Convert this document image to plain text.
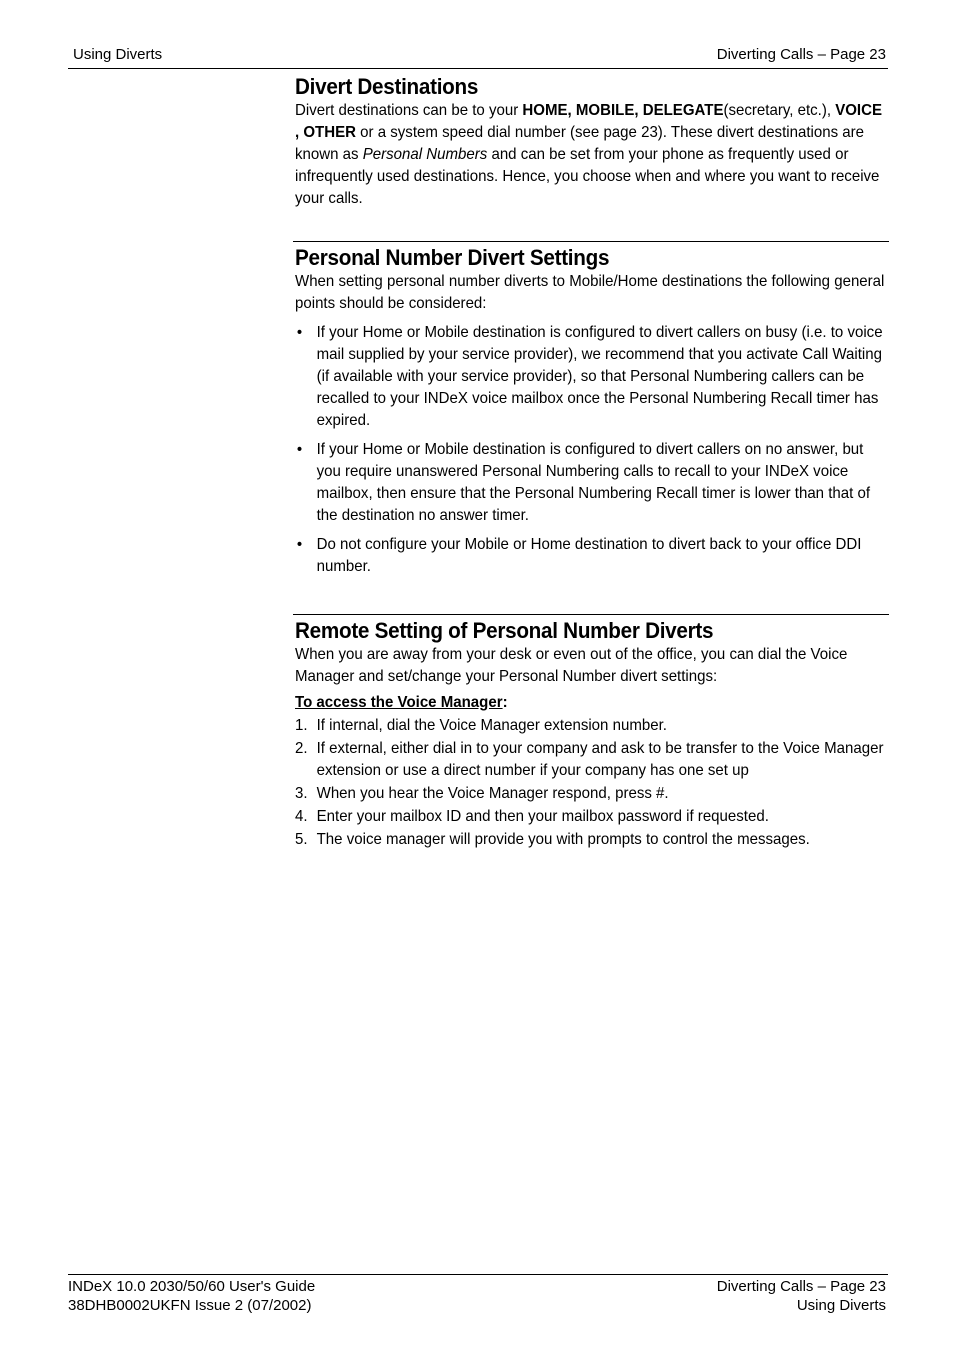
Using Diverts	Diverting Calls – Page 23
Divert Destinations

Divert destinations can be to your HOME, MOBILE, DELEGATE(secretary, etc.), VOICE , OTHER or a system speed dial number (see page 23). These divert destinations are known as Personal Numbers and can be set from your phone as frequently used or infrequently used destinations. Hence, you choose when and where you want to receive your calls.

Personal Number Divert Settings

When setting personal number diverts to Mobile/Home destinations the following general points should be considered:

• If your Home or Mobile destination is configured to divert callers on busy (i.e. to voice mail supplied by your service provider), we recommend that you activate Call Waiting (if available with your service provider), so that Personal Numbering callers can be recalled to your INDeX voice mailbox once the Personal Numbering Recall timer has expired.
• If your Home or Mobile destination is configured to divert callers on no answer, but you require unanswered Personal Numbering calls to recall to your INDeX voice mailbox, then ensure that the Personal Numbering Recall timer is lower than that of the destination no answer timer.
• Do not configure your Mobile or Home destination to divert back to your office DDI number.
Remote Setting of Personal Number Diverts

When you are away from your desk or even out of the office, you can dial the Voice Manager and set/change your Personal Number divert settings:

To access the Voice Manager:

1. If internal, dial the Voice Manager extension number.
2. If external, either dial in to your company and ask to be transfer to the Voice Manager extension or use a direct number if your company has one set up
3. When you hear the Voice Manager respond, press #.
4. Enter your mailbox ID and then your mailbox password if requested.
5. The voice manager will provide you with prompts to control the messages.
INDeX 10.0 2030/50/60 User's Guide
38DHB0002UKFN Issue 2 (07/2002)
Diverting Calls – Page 23
Using Diverts
